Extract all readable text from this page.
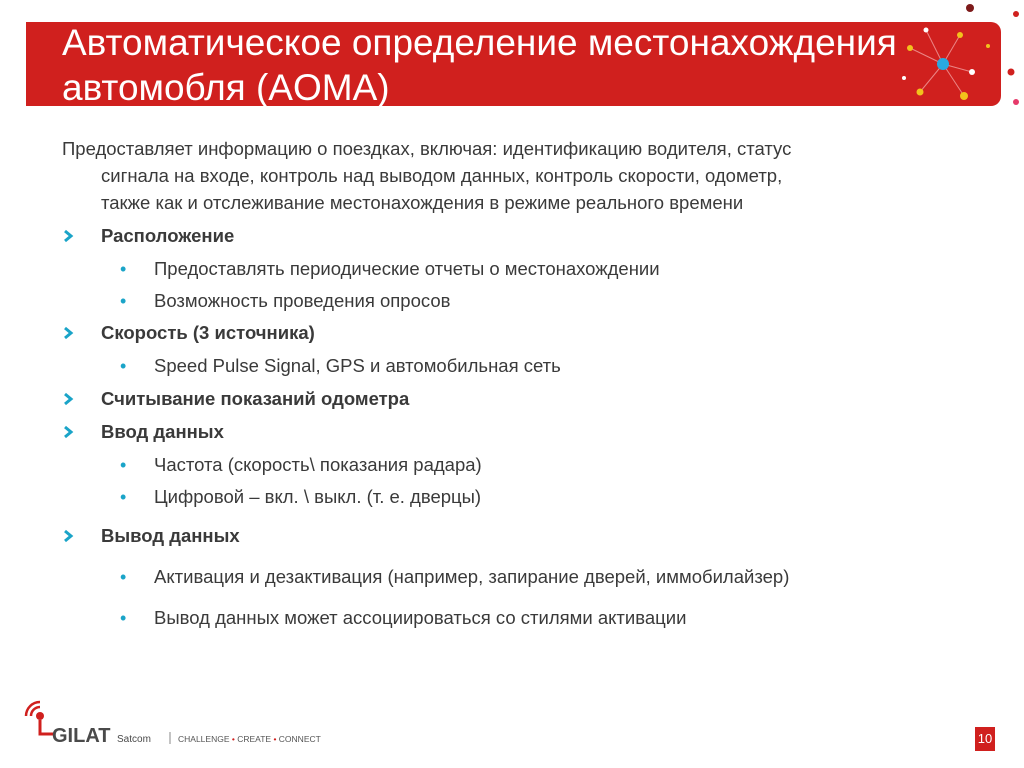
Автоматическое определение местонахождения
автомобля (AOMA)

Предоставляет информацию о поездках, включая: идентификацию водителя, статус
сигнала на входе, контроль над выводом данных, контроль скорости, одометр,
также как и отслеживание местонахождения в режиме реального времени

Расположение
• Предоставлять периодические отчеты о местонахождении
• Возможность проведения опросов
Скорость (3 источника)
• Speed Pulse Signal, GPS и автомобильная сеть
Считывание показаний одометра
Ввод данных
• Частота (скорость\ показания радара)
• Цифровой – вкл. \ выкл. (т. е. дверцы)
Вывод данных
• Активация и дезактивация (например, запирание дверей, иммобилайзер)
• Вывод данных может ассоциироваться со стилями активации
GILAT Satcom	CHALLENGE • CREATE • CONNECT	10
